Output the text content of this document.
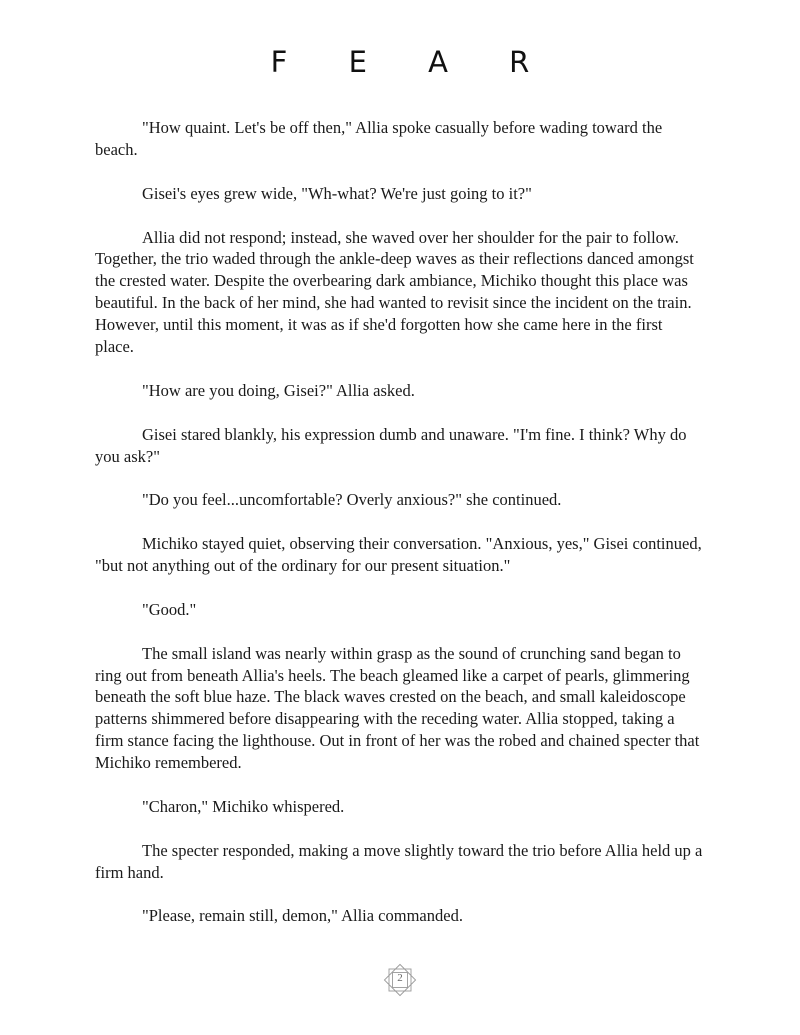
F E A R

"How quaint. Let's be off then," Allia spoke casually before wading toward the beach.

Gisei's eyes grew wide, "Wh-what? We're just going to it?"

Allia did not respond; instead, she waved over her shoulder for the pair to follow. Together, the trio waded through the ankle-deep waves as their reflections danced amongst the crested water. Despite the overbearing dark ambiance, Michiko thought this place was beautiful. In the back of her mind, she had wanted to revisit since the incident on the train. However, until this moment, it was as if she'd forgotten how she came here in the first place.

"How are you doing, Gisei?" Allia asked.

Gisei stared blankly, his expression dumb and unaware. "I'm fine. I think? Why do you ask?"

"Do you feel...uncomfortable? Overly anxious?" she continued.

Michiko stayed quiet, observing their conversation. "Anxious, yes," Gisei continued, "but not anything out of the ordinary for our present situation."

"Good."

The small island was nearly within grasp as the sound of crunching sand began to ring out from beneath Allia's heels. The beach gleamed like a carpet of pearls, glimmering beneath the soft blue haze. The black waves crested on the beach, and small kaleidoscope patterns shimmered before disappearing with the receding water. Allia stopped, taking a firm stance facing the lighthouse. Out in front of her was the robed and chained specter that Michiko remembered.

"Charon," Michiko whispered.

The specter responded, making a move slightly toward the trio before Allia held up a firm hand.

"Please, remain still, demon," Allia commanded.

2
